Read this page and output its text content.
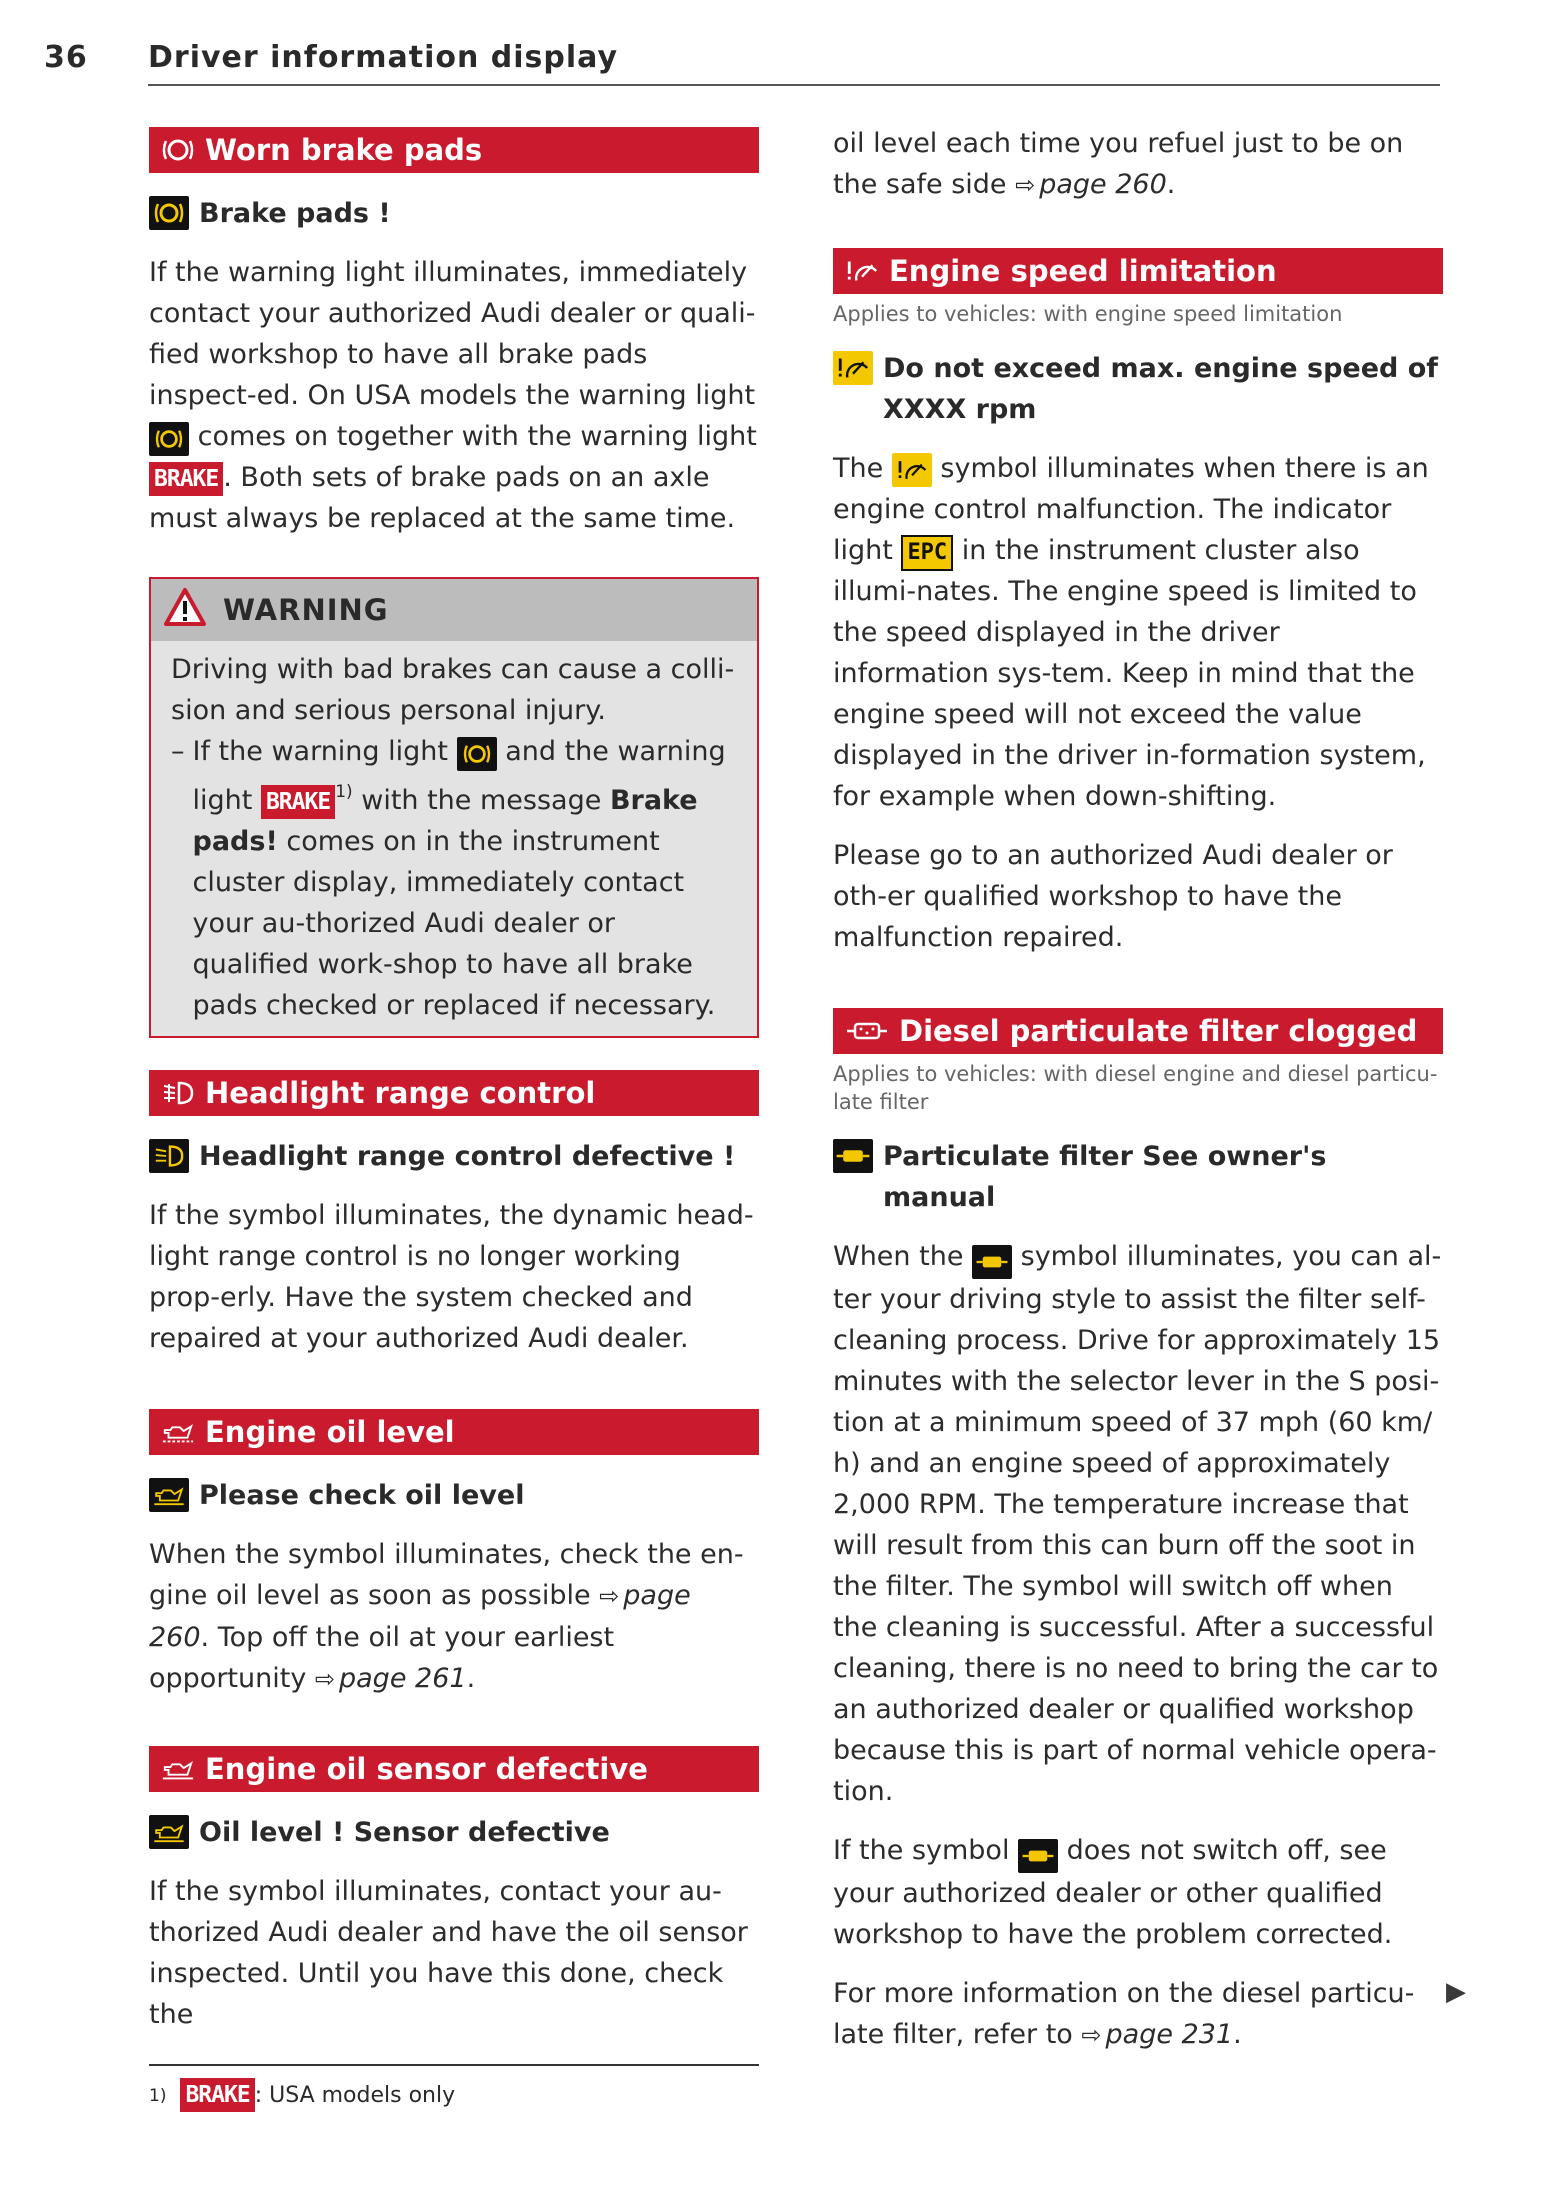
36 Driver information display
Worn brake pads
Brake pads !

If the warning light illuminates, immediately contact your authorized Audi dealer or quali-fied workshop to have all brake pads inspect-ed. On USA models the warning light
comes on together with the warning light BRAKE . Both sets of brake pads on an axle must always be replaced at the same time.

WARNING
Driving with bad brakes can cause a colli-sion and serious personal injury.
– If the warning light and the warning light BRAKE $^{1)}$ with the message Brake pads! comes on in the instrument cluster display, immediately contact your au-thorized Audi dealer or qualified work-shop to have all brake pads checked or replaced if necessary.
Headlight range control
Headlight range control defective !

If the symbol illuminates, the dynamic head-light range control is no longer working prop-erly. Have the system checked and repaired at your authorized Audi dealer.

Engine oil level
Please check oil level

When the symbol illuminates, check the en-gine oil level as soon as possible ⇨ page 260. Top off the oil at your earliest opportunity ⇨ page 261.

Engine oil sensor defective
Oil level ! Sensor defective

If the symbol illuminates, contact your au-thorized Audi dealer and have the oil sensor inspected. Until you have this done, check the

oil level each time you refuel just to be on the safe side ⇨ page 260.

Engine speed limitation
Applies to vehicles: with engine speed limitation
Do not exceed max. engine speed of XXXX rpm

The symbol illuminates when there is an engine control malfunction. The indicator light EPC in the instrument cluster also illumi-nates. The engine speed is limited to the speed displayed in the driver information sys-tem. Keep in mind that the engine speed will not exceed the value displayed in the driver in-formation system, for example when down-shifting.

Please go to an authorized Audi dealer or oth-er qualified workshop to have the malfunction repaired.

Diesel particulate filter clogged
Applies to vehicles: with diesel engine and diesel particu-late filter
Particulate filter See owner's manual

When the symbol illuminates, you can al-ter your driving style to assist the filter self-cleaning process. Drive for approximately 15 minutes with the selector lever in the S posi-tion at a minimum speed of 37 mph (60 km/ h) and an engine speed of approximately 2,000 RPM. The temperature increase that will result from this can burn off the soot in the filter. The symbol will switch off when the cleaning is successful. After a successful cleaning, there is no need to bring the car to an authorized dealer or qualified workshop because this is part of normal vehicle opera-tion.

If the symbol does not switch off, see your authorized dealer or other qualified workshop to have the problem corrected.

For more information on the diesel particu-late filter, refer to ⇨ page 231.

▶
1) BRAKE : USA models only
